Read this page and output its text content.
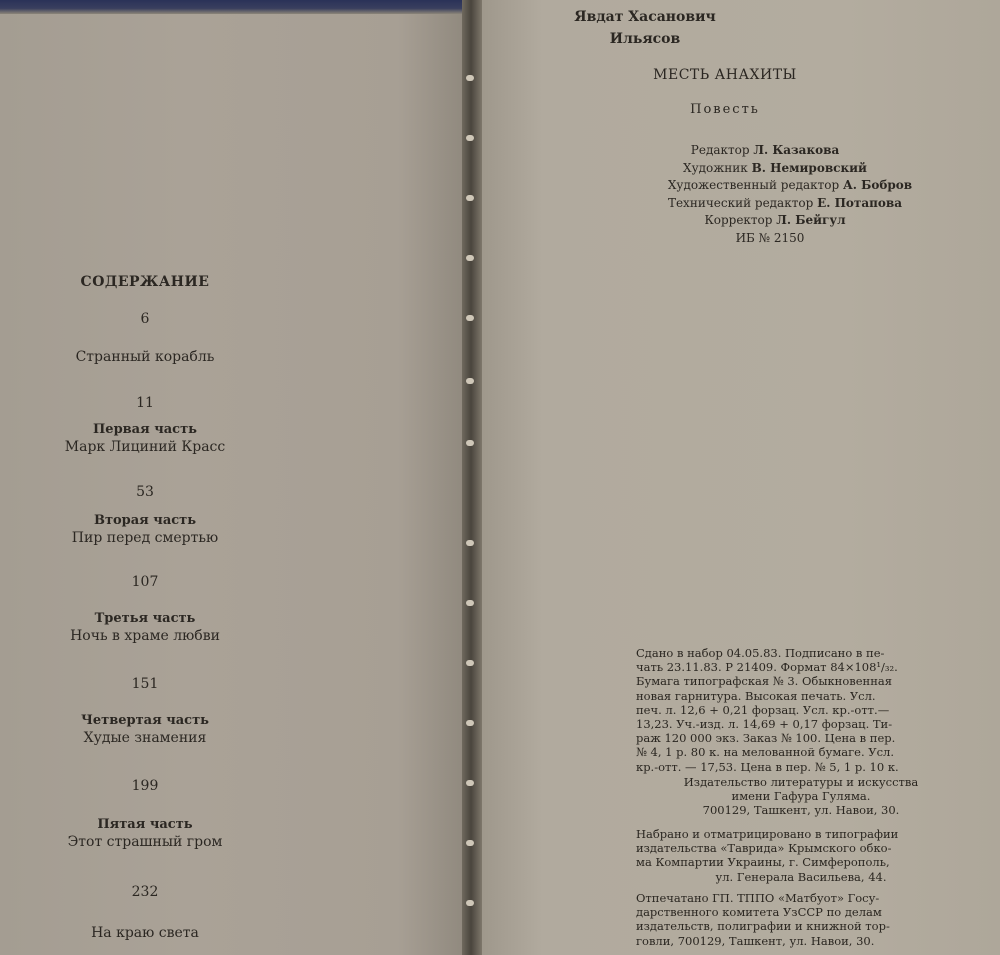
СОДЕРЖАНИЕ
6
Странный корабль
11
Первая часть
Марк Лициний Красс
53
Вторая часть
Пир перед смертью
107
Третья часть
Ночь в храме любви
151
Четвертая часть
Худые знамения
199
Пятая часть
Этот страшный гром
232
На краю света
Явдат Хасанович
Ильясов
МЕСТЬ АНАХИТЫ
Повесть
Редактор Л. Казакова
Художник В. Немировский
Художественный редактор А. Бобров
Технический редактор Е. Потапова
Корректор Л. Бейгул
ИБ № 2150
Сдано в набор 04.05.83. Подписано в пе-
чать 23.11.83. Р 21409. Формат 84×108¹/₃₂.
Бумага типографская № 3. Обыкновенная
новая гарнитура. Высокая печать. Усл.
печ. л. 12,6 + 0,21 форзац. Усл. кр.-отт.—
13,23. Уч.-изд. л. 14,69 + 0,17 форзац. Ти-
раж 120 000 экз. Заказ № 100. Цена в пер.
№ 4, 1 р. 80 к. на мелованной бумаге. Усл.
кр.-отт. — 17,53. Цена в пер. № 5, 1 р. 10 к.
Издательство литературы и искусства
имени Гафура Гуляма.
700129, Ташкент, ул. Навои, 30.
Набрано и отматрицировано в типографии
издательства «Таврида» Крымского обко-
ма Компартии Украины, г. Симферополь,
ул. Генерала Васильева, 44.
Отпечатано ГП. ТППО «Матбуот» Госу-
дарственного комитета УзССР по делам
издательств, полиграфии и книжной тор-
говли, 700129, Ташкент, ул. Навои, 30.
